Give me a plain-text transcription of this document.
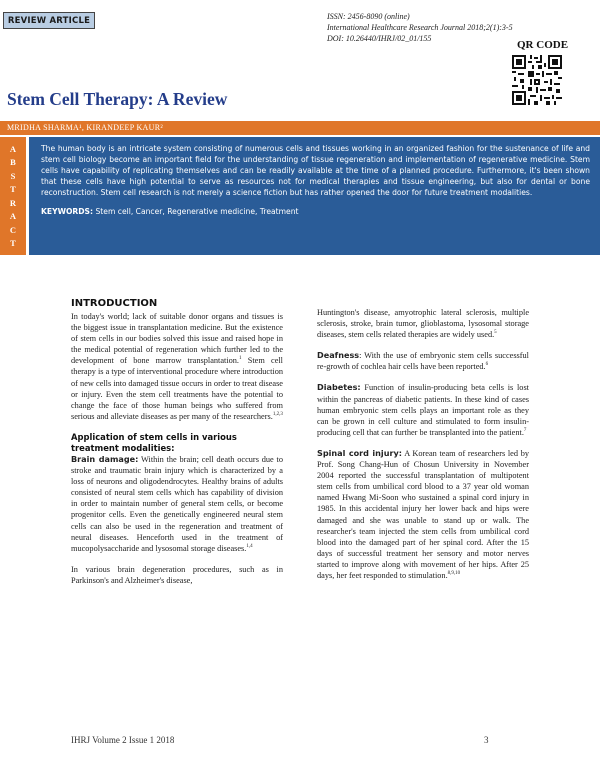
REVIEW ARTICLE	ISSN: 2456-8090 (online)
International Healthcare Research Journal 2018;2(1):3-5
DOI: 10.26440/IHRJ/02_01/155
QR CODE
Stem Cell Therapy: A Review
MRIDHA SHARMA¹, KIRANDEEP KAUR²
A
B
S
T
R
A
C
T

The human body is an intricate system consisting of numerous cells and tissues working in an organized fashion for the sustenance of life and stem cell biology become an important field for the understanding of tissue regeneration and implementation of regenerative medicine. Stem cells have capability of replicating themselves and can be readily available at the time of a planned procedure. Furthermore, it's been shown that these cells have high potential to serve as resources not for medical therapies and tissue engineering, but also for dental or bone reconstruction. Stem cell research is not merely a science fiction but has rather opened the door for future treatment modalities.

KEYWORDS: Stem cell, Cancer, Regenerative medicine, Treatment

INTRODUCTION

In today's world; lack of suitable donor organs and tissues is the biggest issue in transplantation medicine. But the existence of stem cells in our bodies solved this issue and raised hope in the medical potential of regeneration which further led to the development of bone marrow transplantation.$^1$ Stem cell therapy is a type of interventional procedure where introduction of new cells into damaged tissue occurs in order to treat disease or injury. Even the stem cell treatments have the potential to change the face of those human beings who suffered from serious and alleviate diseases as per many of the researchers.$^{1,2,3}$

Application of stem cells in various treatment modalities:

Brain damage: Within the brain; cell death occurs due to stroke and traumatic brain injury which is characterized by a loss of neurons and oligodendrocytes. Healthy brains of adults consisted of neural stem cells which has capability of division in order to maintain number of general stem cells, or become progenitor cells. Even the genetically engineered neural stem cells can also be used in the regeneration and treatment of neural diseases. Henceforth used in the treatment of mucopolysaccharide and lysosomal storage diseases.$^{1,4}$

In various brain degeneration procedures, such as in Parkinson's and Alzheimer's disease,

Huntington's disease, amyotrophic lateral sclerosis, multiple sclerosis, stroke, brain tumor, glioblastoma, lysosomal storage diseases, stem cells related therapies are widely used.$^5$

Deafness: With the use of embryonic stem cells successful re-growth of cochlea hair cells have been reported.$^6$

Diabetes: Function of insulin-producing beta cells is lost within the pancreas of diabetic patients. In these kind of cases human embryonic stem cells plays an important role as they can be grown in cell culture and stimulated to form insulin-producing cell that can further be transplanted into the patient.$^7$

Spinal cord injury: A Korean team of researchers led by Prof. Song Chang-Hun of Chosun University in November 2004 reported the successful transplantation of multipotent stem cells from umbilical cord blood to a 37 year old woman named Hwang Mi-Soon who sustained a spinal cord injury in 1985. In this accidental injury her lower back and hips were damaged and she was unable to stand up or walk. The researcher's team injected the stem cells from umbilical cord blood into the damaged part of her spinal cord. After the 15 days of successful treatment her sensory and motor nerves started to improve along with movement of her hips. After 25 days, her feet responded to stimulation.$^{8,9,10}$

IHRJ Volume 2 Issue 1 2018	3
